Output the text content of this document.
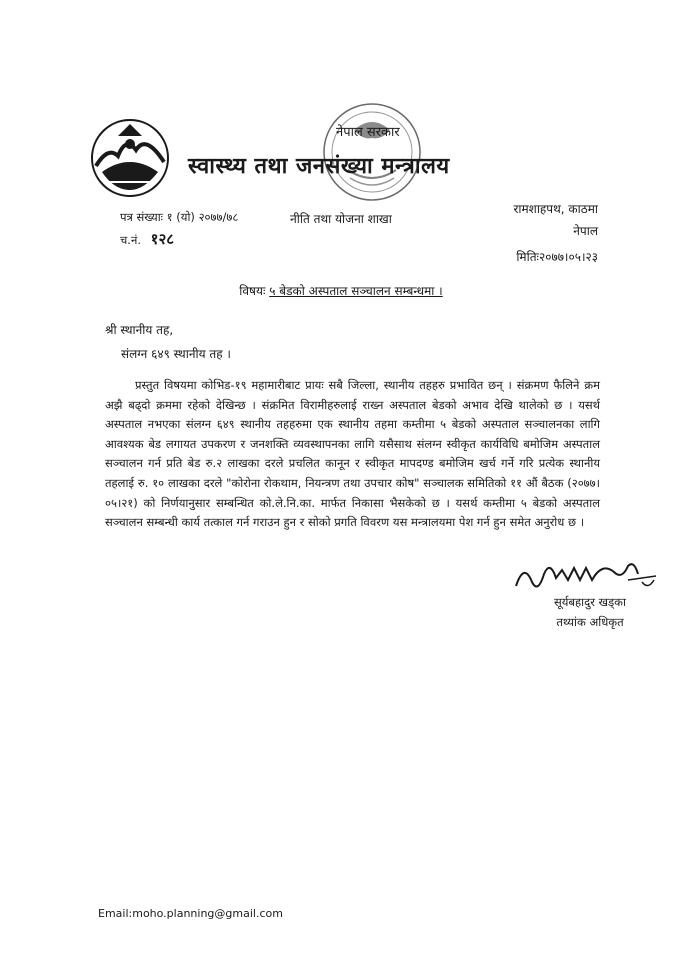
नेपाल सरकार
स्वास्थ्य तथा जनसंख्या मन्त्रालय
पत्र संख्याः १ (यो) २०७७/७८
च.नं. १२८
नीति तथा योजना शाखा
रामशाहपथ, काठमा
नेपाल
मितिः२०७७।०५।२३
विषयः ५ बेडको अस्पताल सञ्चालन सम्बन्धमा ।
श्री स्थानीय तह,
संलग्न ६४९ स्थानीय तह ।
प्रस्तुत विषयमा कोभिड-१९ महामारीबाट प्रायः सबै जिल्ला, स्थानीय तहहरु प्रभावित छन् । संक्रमण फैलिने क्रम अझै बढ्दो क्रममा रहेको देखिन्छ । संक्रमित विरामीहरुलाई राख्न अस्पताल बेडको अभाव देखि थालेको छ । यसर्थ अस्पताल नभएका संलग्न ६४९ स्थानीय तहहरुमा एक स्थानीय तहमा कम्तीमा ५ बेडको अस्पताल सञ्चालनका लागि आवश्यक बेड लगायत उपकरण र जनशक्ति व्यवस्थापनका लागि यसैसाथ संलग्न स्वीकृत कार्यविधि बमोजिम अस्पताल सञ्चालन गर्न प्रति बेड रु.२ लाखका दरले प्रचलित कानून र स्वीकृत मापदण्ड बमोजिम खर्च गर्ने गरि प्रत्येक स्थानीय तहलाई रु. १० लाखका दरले "कोरोना रोकथाम, नियन्त्रण तथा उपचार कोष" सञ्चालक समितिको ११ औं बैठक (२०७७।०५।२१) को निर्णयानुसार सम्बन्धित को.ले.नि.का. मार्फत निकासा भैसकेको छ । यसर्थ कम्तीमा ५ बेडको अस्पताल सञ्चालन सम्बन्धी कार्य तत्काल गर्न गराउन हुन र सोको प्रगति विवरण यस मन्त्रालयमा पेश गर्न हुन समेत अनुरोध छ ।
सूर्यबहादुर खड्का
तथ्यांक अधिकृत
Email:moho.planning@gmail.com
